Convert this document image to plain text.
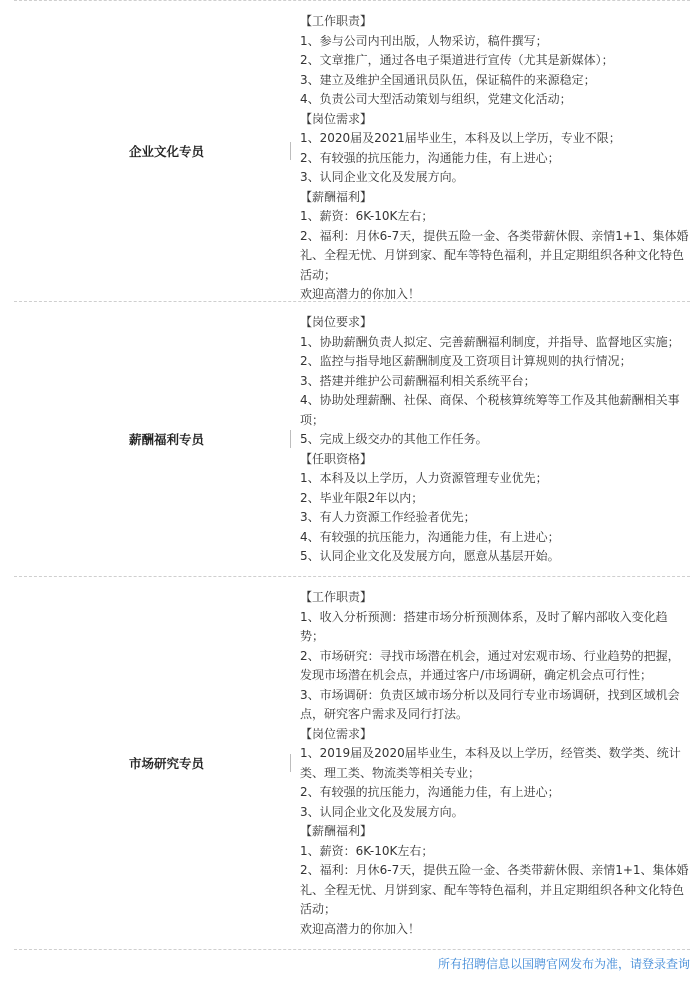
企业文化专员
【工作职责】
1、参与公司内刊出版，人物采访，稿件撰写；
2、文章推广，通过各电子渠道进行宣传（尤其是新媒体）；
3、建立及维护全国通讯员队伍，保证稿件的来源稳定；
4、负责公司大型活动策划与组织，党建文化活动；
【岗位需求】
1、2020届及2021届毕业生，本科及以上学历，专业不限；
2、有较强的抗压能力，沟通能力佳，有上进心；
3、认同企业文化及发展方向。
【薪酬福利】
1、薪资：6K-10K左右；
2、福利：月休6-7天，提供五险一金、各类带薪休假、亲情1+1、集体婚礼、全程无忧、月饼到家、配车等特色福利，并且定期组织各种文化特色活动；
欢迎高潜力的你加入！
薪酬福利专员
【岗位要求】
1、协助薪酬负责人拟定、完善薪酬福利制度，并指导、监督地区实施；
2、监控与指导地区薪酬制度及工资项目计算规则的执行情况；
3、搭建并维护公司薪酬福利相关系统平台；
4、协助处理薪酬、社保、商保、个税核算统筹等工作及其他薪酬相关事项；
5、完成上级交办的其他工作任务。
【任职资格】
1、本科及以上学历，人力资源管理专业优先；
2、毕业年限2年以内；
3、有人力资源工作经验者优先；
4、有较强的抗压能力，沟通能力佳，有上进心；
5、认同企业文化及发展方向，愿意从基层开始。
市场研究专员
【工作职责】
1、收入分析预测：搭建市场分析预测体系，及时了解内部收入变化趋势；
2、市场研究：寻找市场潜在机会，通过对宏观市场、行业趋势的把握，发现市场潜在机会点，并通过客户/市场调研，确定机会点可行性；
3、市场调研：负责区域市场分析以及同行专业市场调研，找到区域机会点，研究客户需求及同行打法。
【岗位需求】
1、2019届及2020届毕业生，本科及以上学历，经管类、数学类、统计类、理工类、物流类等相关专业；
2、有较强的抗压能力，沟通能力佳，有上进心；
3、认同企业文化及发展方向。
【薪酬福利】
1、薪资：6K-10K左右；
2、福利：月休6-7天，提供五险一金、各类带薪休假、亲情1+1、集体婚礼、全程无忧、月饼到家、配车等特色福利，并且定期组织各种文化特色活动；
欢迎高潜力的你加入！
所有招聘信息以国聘官网发布为准，请登录查询
